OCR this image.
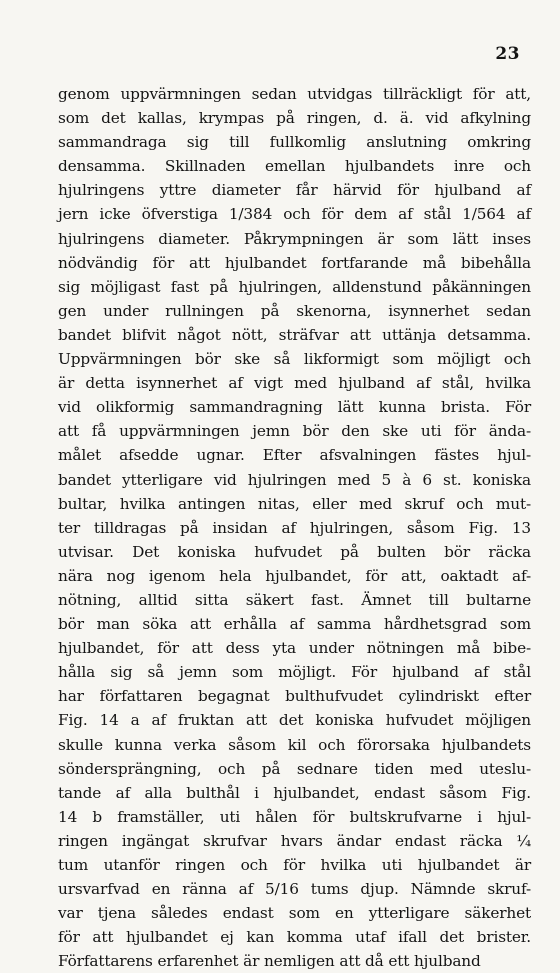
23
genom uppvärmningen sedan utvidgas tillräckligt för att,
som det kallas, krympas på ringen, d. ä. vid afkylning
sammandraga sig till fullkomlig anslutning omkring
densamma. Skillnaden emellan hjulbandets inre och
hjulringens yttre diameter får härvid för hjulband af
jern icke öfverstiga 1/384 och för dem af stål 1/564 af
hjulringens diameter. Påkrympningen är som lätt inses
nödvändig för att hjulbandet fortfarande må bibehålla
sig möjligast fast på hjulringen, alldenstund påkänningen
gen under rullningen på skenorna, isynnerhet sedan
bandet blifvit något nött, sträfvar att uttänja detsamma.
Uppvärmningen bör ske så likformigt som möjligt och
är detta isynnerhet af vigt med hjulband af stål, hvilka
vid olikformig sammandragning lätt kunna brista. För
att få uppvärmningen jemn bör den ske uti för ända-
målet afsedde ugnar. Efter afsvalningen fästes hjul-
bandet ytterligare vid hjulringen med 5 à 6 st. koniska
bultar, hvilka antingen nitas, eller med skruf och mut-
ter tilldragas på insidan af hjulringen, såsom Fig. 13
utvisar. Det koniska hufvudet på bulten bör räcka
nära nog igenom hela hjulbandet, för att, oaktadt af-
nötning, alltid sitta säkert fast. Ämnet till bultarne
bör man söka att erhålla af samma hårdhetsgrad som
hjulbandet, för att dess yta under nötningen må bibe-
hålla sig så jemn som möjligt. För hjulband af stål
har författaren begagnat bulthufvudet cylindriskt efter
Fig. 14 a af fruktan att det koniska hufvudet möjligen
skulle kunna verka såsom kil och förorsaka hjulbandets
söndersprängning, och på sednare tiden med uteslu-
tande af alla bulthål i hjulbandet, endast såsom Fig.
14 b framställer, uti hålen för bultskrufvarne i hjul-
ringen ingängat skrufvar hvars ändar endast räcka ¼
tum utanför ringen och för hvilka uti hjulbandet är
ursvarfvad en ränna af 5/16 tums djup. Nämnde skruf-
var tjena således endast som en ytterligare säkerhet
för att hjulbandet ej kan komma utaf ifall det brister.
Författarens erfarenhet är nemligen att då ett hjulband
